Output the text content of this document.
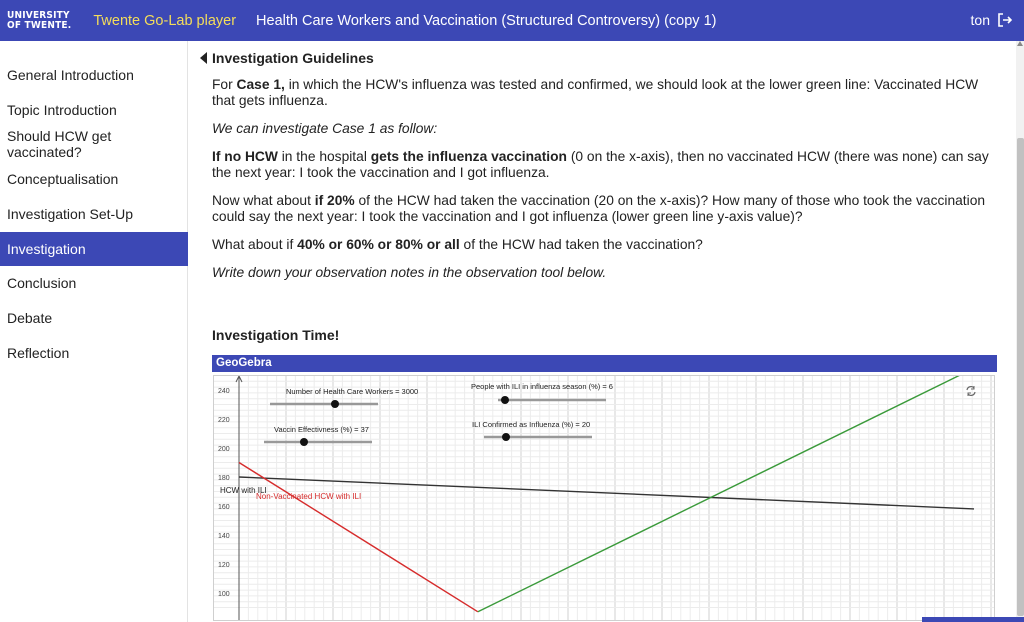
UNIVERSITY
OF TWENTE. Twente Go-Lab player Health Care Workers and Vaccination (Structured Controversy) (copy 1)	ton
General Introduction
Topic Introduction
Should HCW get vaccinated?
Conceptualisation
Investigation Set-Up
Investigation
Conclusion
Debate
Reflection
Investigation Guidelines

For Case 1, in which the HCW's influenza was tested and confirmed, we should look at the lower green line: Vaccinated HCW that gets influenza.

We can investigate Case 1 as follow:

If no HCW in the hospital gets the influenza vaccination (0 on the x-axis), then no vaccinated HCW (there was none) can say the next year: I took the vaccination and I got influenza.

Now what about if 20% of the HCW had taken the vaccination (20 on the x-axis)? How many of those who took the vaccination could say the next year: I took the vaccination and I got influenza (lower green line y-axis value)?

What about if 40% or 60% or 80% or all of the HCW had taken the vaccination?

Write down your observation notes in the observation tool below.

Investigation Time!
GeoGebra
100
120
140
160
180
200
220
240
HCW with ILI
Non-Vaccinated HCW with ILI
Number of Health Care Workers = 3000
People with ILI in influenza season (%) = 6
Vaccin Effectivness (%) = 37
ILI Confirmed as Influenza (%) = 20
